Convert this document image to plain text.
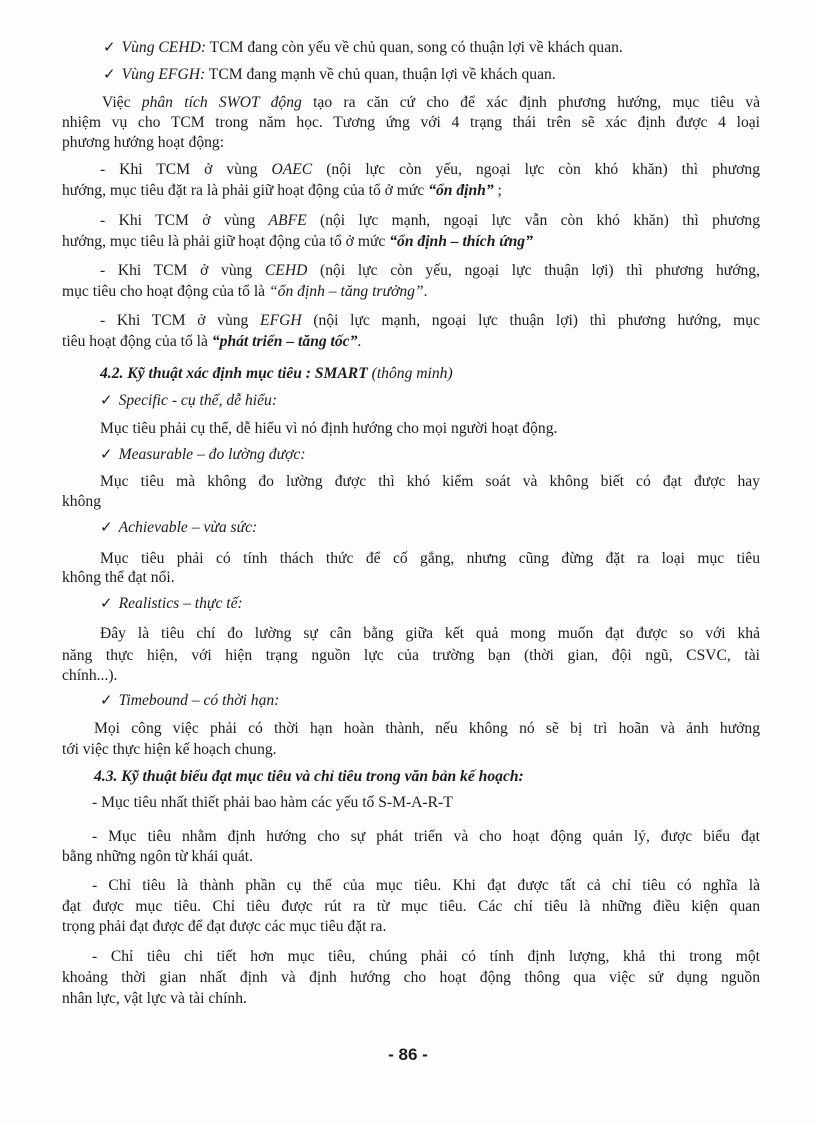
✓ Vùng CEHD: TCM đang còn yếu về chủ quan, song có thuận lợi về khách quan.
✓ Vùng EFGH: TCM đang mạnh về chủ quan, thuận lợi về khách quan.
Việc phân tích SWOT động tạo ra căn cứ cho để xác định phương hướng, mục tiêu và
nhiệm vụ cho TCM trong năm học. Tương ứng với 4 trạng thái trên sẽ xác định được 4 loại
phương hướng hoạt động:
- Khi TCM ở vùng OAEC (nội lực còn yếu, ngoại lực còn khó khăn) thì phương
hướng, mục tiêu đặt ra là phải giữ hoạt động của tổ ở mức “ổn định” ;
- Khi TCM ở vùng ABFE (nội lực mạnh, ngoại lực vẫn còn khó khăn) thì phương
hướng, mục tiêu là phải giữ hoạt động của tổ ở mức “ổn định – thích ứng”
- Khi TCM ở vùng CEHD (nội lực còn yếu, ngoại lực thuận lợi) thì phương hướng,
mục tiêu cho hoạt động của tổ là “ổn định – tăng trưởng”.
- Khi TCM ở vùng EFGH (nội lực mạnh, ngoại lực thuận lợi) thì phương hướng, mục
tiêu hoạt động của tổ là “phát triển – tăng tốc”.
4.2. Kỹ thuật xác định mục tiêu : SMART (thông minh)
✓ Specific - cụ thể, dễ hiểu:
Mục tiêu phải cụ thể, dễ hiểu vì nó định hướng cho mọi người hoạt động.
✓ Measurable – đo lường được:
Mục tiêu mà không đo lường được thì khó kiểm soát và không biết có đạt được hay
không
✓ Achievable – vừa sức:
Mục tiêu phải có tính thách thức để cố gắng, nhưng cũng đừng đặt ra loại mục tiêu
không thể đạt nổi.
✓ Realistics – thực tế:
Đây là tiêu chí đo lường sự cân bằng giữa kết quả mong muốn đạt được so với khả
năng thực hiện, với hiện trạng nguồn lực của trường bạn (thời gian, đội ngũ, CSVC, tài
chính...).
✓ Timebound – có thời hạn:
Mọi công việc phải có thời hạn hoàn thành, nếu không nó sẽ bị trì hoãn và ảnh hưởng
tới việc thực hiện kế hoạch chung.
4.3. Kỹ thuật biểu đạt mục tiêu và chỉ tiêu trong văn bản kế hoạch:
- Mục tiêu nhất thiết phải bao hàm các yếu tố S-M-A-R-T
- Mục tiêu nhằm định hướng cho sự phát triển và cho hoạt động quản lý, được biểu đạt
bằng những ngôn từ khái quát.
- Chỉ tiêu là thành phần cụ thể của mục tiêu. Khi đạt được tất cả chỉ tiêu có nghĩa là
đạt được mục tiêu. Chỉ tiêu được rút ra từ mục tiêu. Các chỉ tiêu là những điều kiện quan
trọng phải đạt được để đạt được các mục tiêu đặt ra.
- Chỉ tiêu chi tiết hơn mục tiêu, chúng phải có tính định lượng, khả thi trong một
khoảng thời gian nhất định và định hướng cho hoạt động thông qua việc sử dụng nguồn
nhân lực, vật lực và tài chính.
- 86 -
